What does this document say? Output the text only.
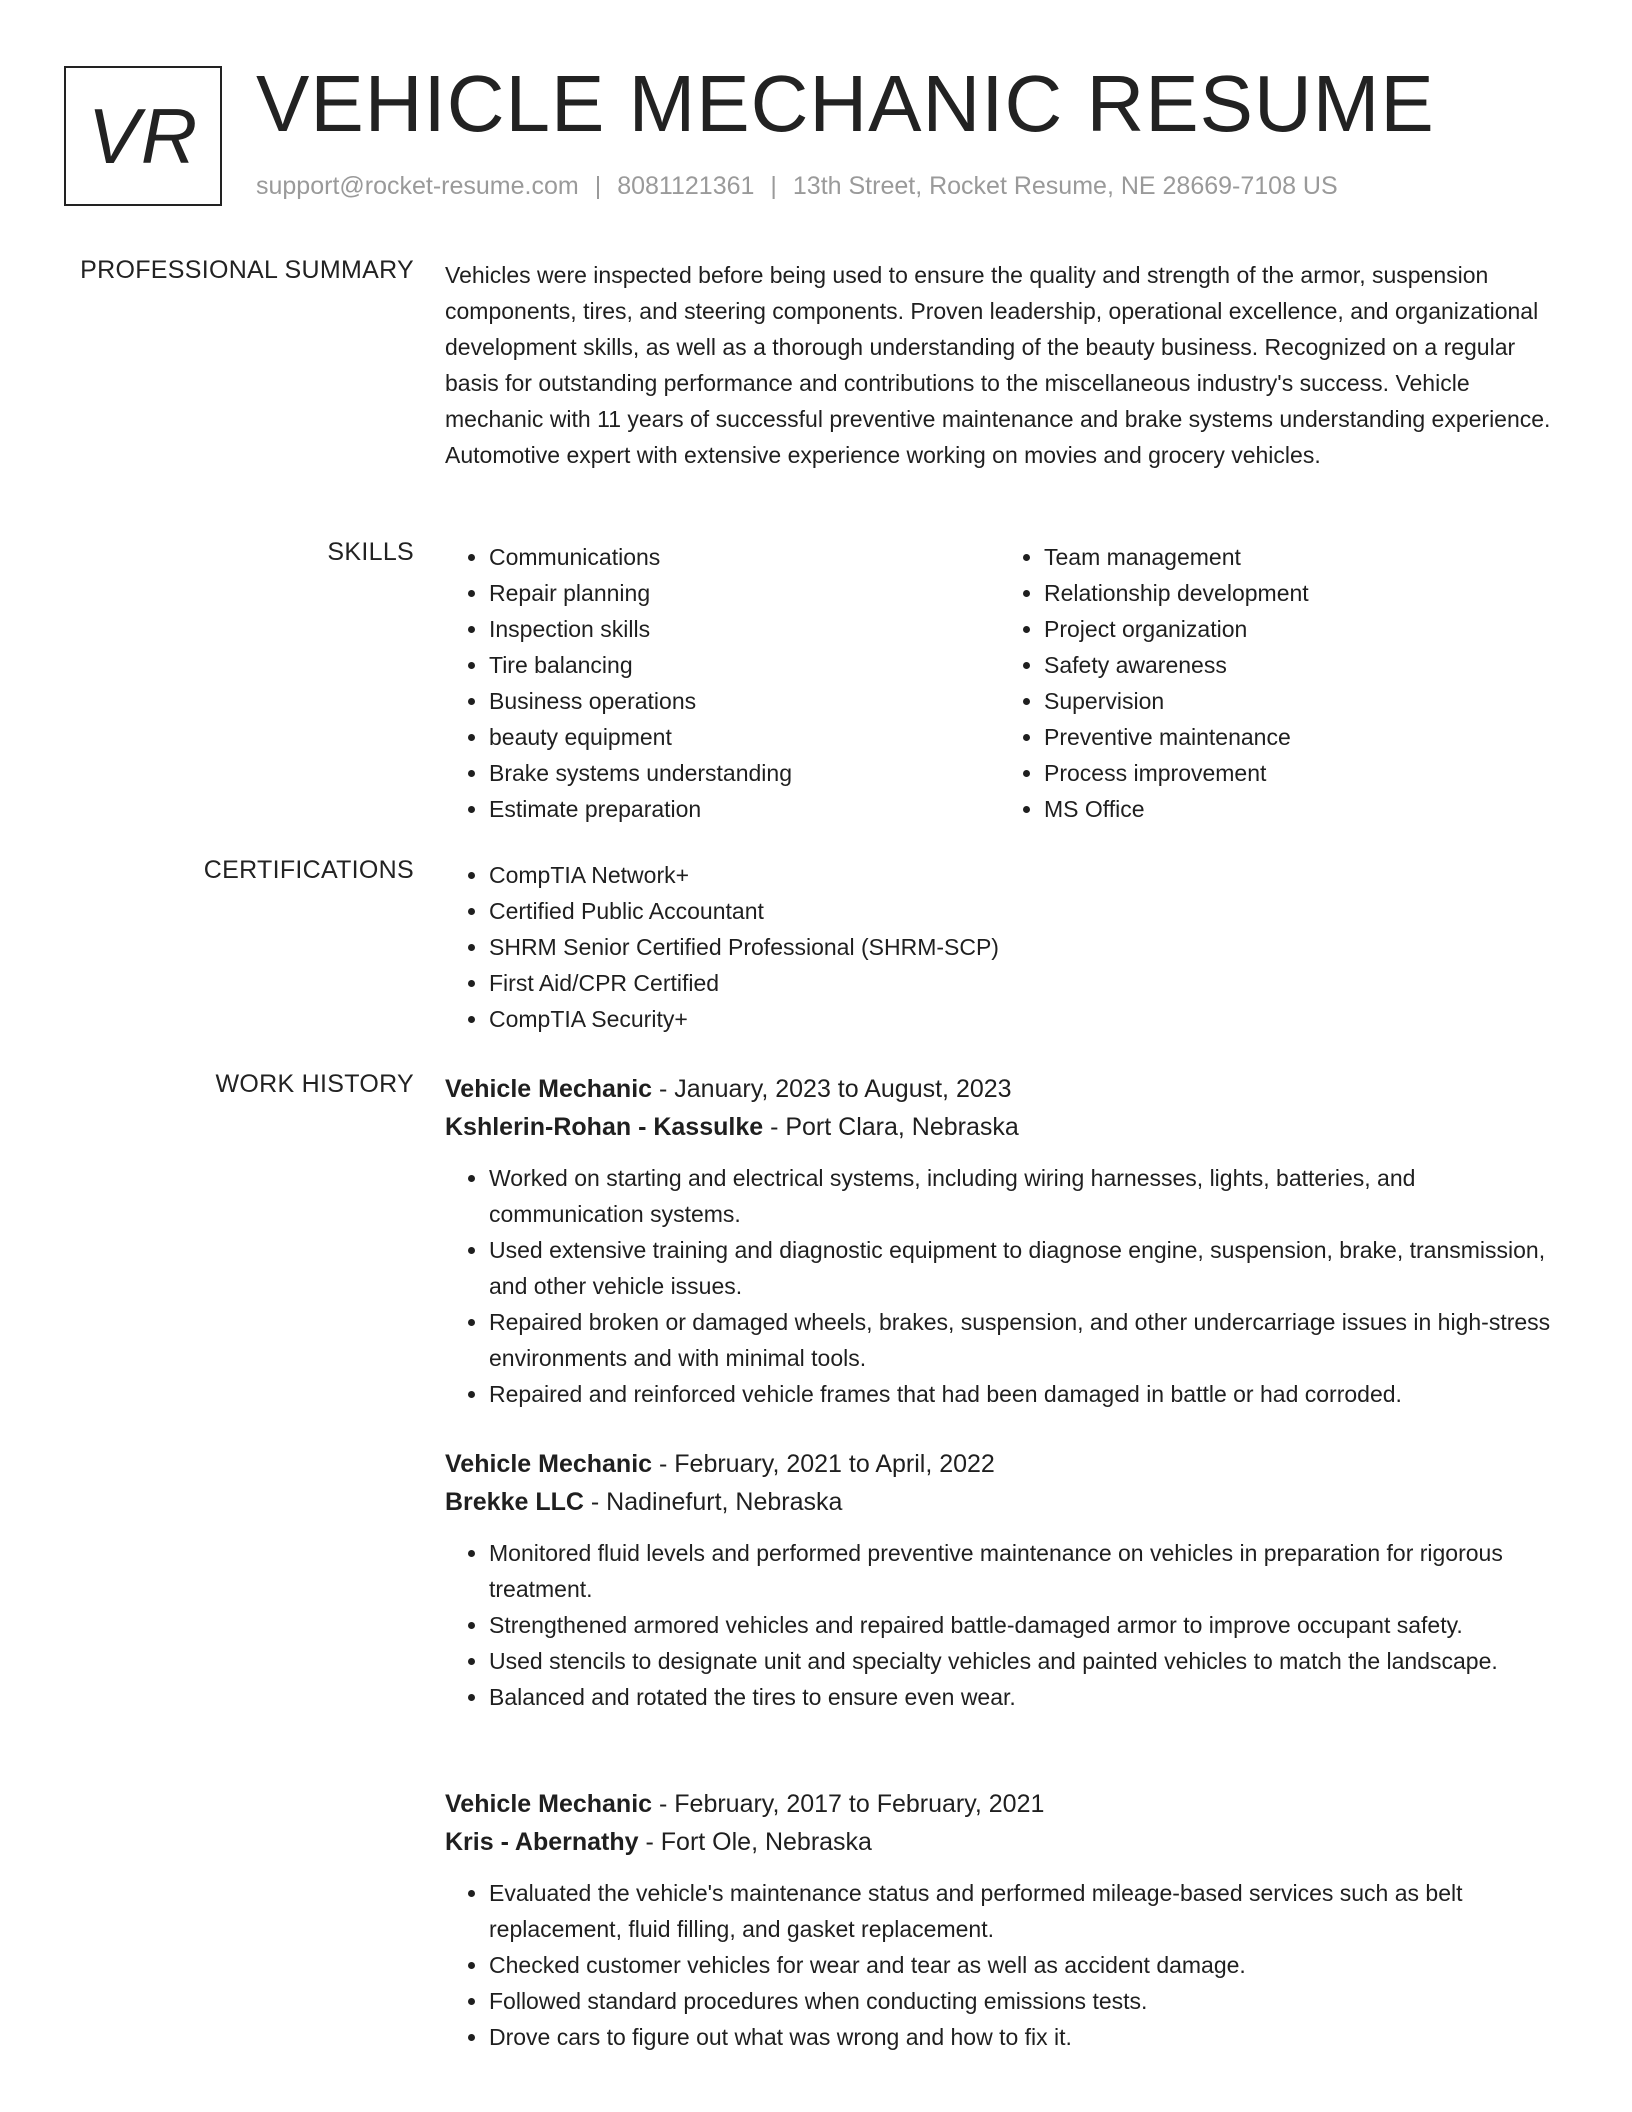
VR VEHICLE MECHANIC RESUME
support@rocket-resume.com | 8081121361 | 13th Street, Rocket Resume, NE 28669-7108 US
PROFESSIONAL SUMMARY Vehicles were inspected before being used to ensure the quality and strength of the armor, suspension components, tires, and steering components. Proven leadership, operational excellence, and organizational development skills, as well as a thorough understanding of the beauty business. Recognized on a regular basis for outstanding performance and contributions to the miscellaneous industry's success. Vehicle mechanic with 11 years of successful preventive maintenance and brake systems understanding experience. Automotive expert with extensive experience working on movies and grocery vehicles.
SKILLS	• Communications
• Repair planning
• Inspection skills
• Tire balancing
• Business operations
• beauty equipment
• Brake systems understanding
• Estimate preparation
• Team management
• Relationship development
• Project organization
• Safety awareness
• Supervision
• Preventive maintenance
• Process improvement
• MS Office
CERTIFICATIONS	• CompTIA Network+
• Certified Public Accountant
• SHRM Senior Certified Professional (SHRM-SCP)
• First Aid/CPR Certified
• CompTIA Security+
WORK HISTORY Vehicle Mechanic - January, 2023 to August, 2023
Kshlerin-Rohan - Kassulke - Port Clara, Nebraska
• Worked on starting and electrical systems, including wiring harnesses, lights, batteries, and communication systems.
• Used extensive training and diagnostic equipment to diagnose engine, suspension, brake, transmission, and other vehicle issues.
• Repaired broken or damaged wheels, brakes, suspension, and other undercarriage issues in high-stress environments and with minimal tools.
• Repaired and reinforced vehicle frames that had been damaged in battle or had corroded.
Vehicle Mechanic - February, 2021 to April, 2022
Brekke LLC - Nadinefurt, Nebraska
• Monitored fluid levels and performed preventive maintenance on vehicles in preparation for rigorous treatment.
• Strengthened armored vehicles and repaired battle-damaged armor to improve occupant safety.
• Used stencils to designate unit and specialty vehicles and painted vehicles to match the landscape.
• Balanced and rotated the tires to ensure even wear.
Vehicle Mechanic - February, 2017 to February, 2021
Kris - Abernathy - Fort Ole, Nebraska
• Evaluated the vehicle's maintenance status and performed mileage-based services such as belt replacement, fluid filling, and gasket replacement.
• Checked customer vehicles for wear and tear as well as accident damage.
• Followed standard procedures when conducting emissions tests.
• Drove cars to figure out what was wrong and how to fix it.
